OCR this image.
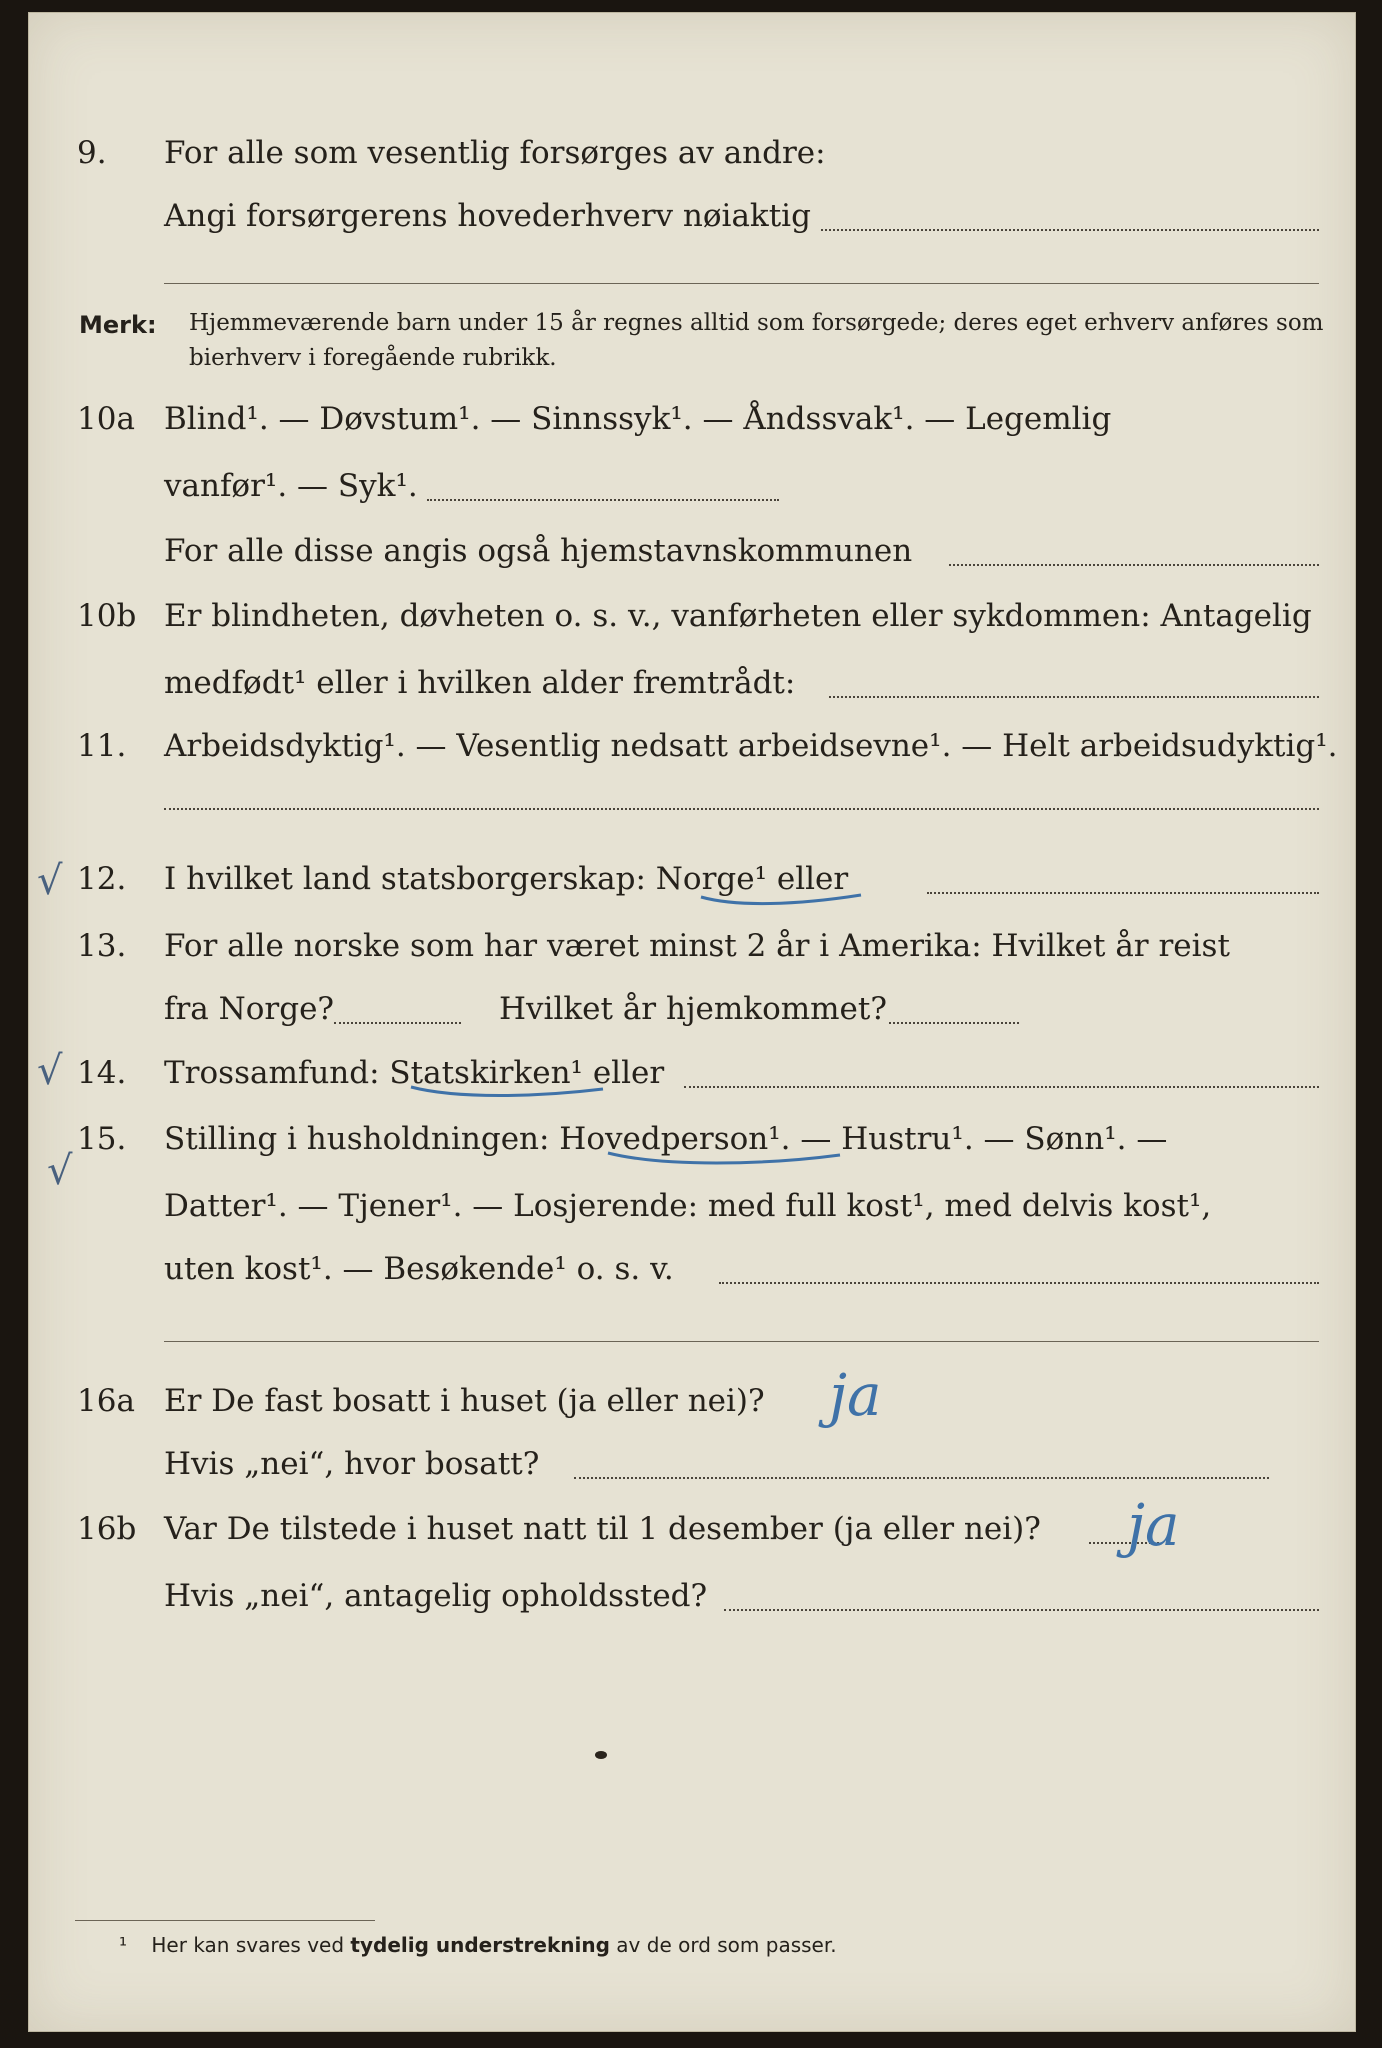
9. For alle som vesentlig forsørges av andre:
Angi forsørgerens hovederhverv nøiaktig
Merk: Hjemmeværende barn under 15 år regnes alltid som forsørgede; deres eget erhverv anføres som bierhverv i foregående rubrikk.
10a Blind¹. — Døvstum¹. — Sinnssyk¹. — Åndssvak¹. — Legemlig
vanfør¹. — Syk¹.
For alle disse angis også hjemstavnskommunen
10b Er blindheten, døvheten o. s. v., vanførheten eller sykdommen: Antagelig
medfødt¹ eller i hvilken alder fremtrådt:
11. Arbeidsdyktig¹. — Vesentlig nedsatt arbeidsevne¹. — Helt arbeidsudyktig¹.
√ 12. I hvilket land statsborgerskap: Norge¹ eller
13. For alle norske som har været minst 2 år i Amerika: Hvilket år reist
fra Norge?	Hvilket år hjemkommet?
√ 14. Trossamfund: Statskirken¹ eller
√
15. Stilling i husholdningen: Hovedperson¹. — Hustru¹. — Sønn¹. —
Datter¹. — Tjener¹. — Losjerende: med full kost¹, med delvis kost¹,
uten kost¹. — Besøkende¹ o. s. v.
16a Er De fast bosatt i huset (ja eller nei)? ja
Hvis „nei“, hvor bosatt?
16b Var De tilstede i huset natt til 1 desember (ja eller nei)? ja
Hvis „nei“, antagelig opholdssted?
¹ Her kan svares ved tydelig understrekning av de ord som passer.
